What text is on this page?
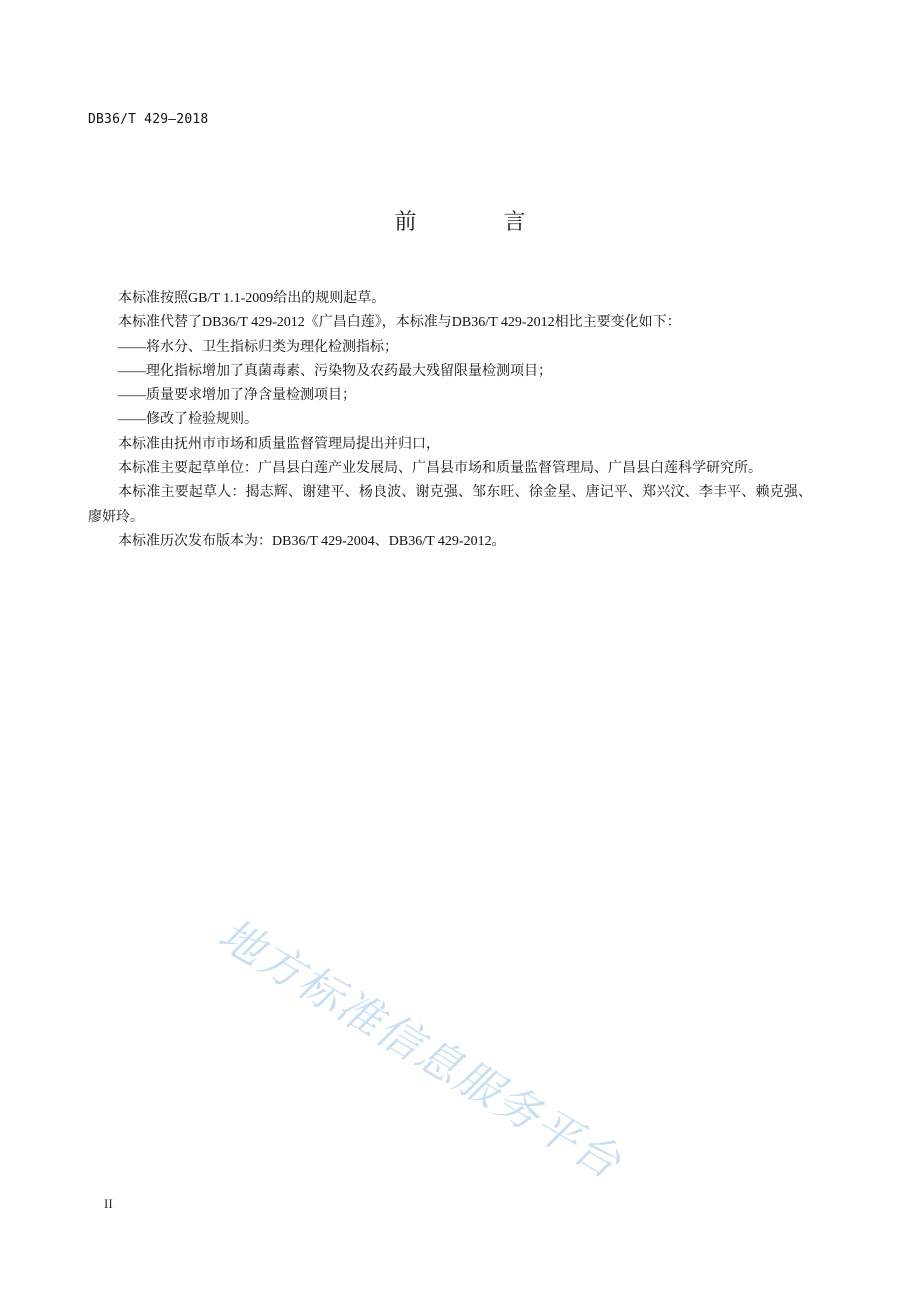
DB36/T 429—2018
前 言

本标准按照GB/T 1.1-2009给出的规则起草。

本标准代替了DB36/T 429-2012《广昌白莲》，本标准与DB36/T 429-2012相比主要变化如下：

——将水分、卫生指标归类为理化检测指标；

——理化指标增加了真菌毒素、污染物及农药最大残留限量检测项目；

——质量要求增加了净含量检测项目；

——修改了检验规则。

本标准由抚州市市场和质量监督管理局提出并归口，

本标准主要起草单位：广昌县白莲产业发展局、广昌县市场和质量监督管理局、广昌县白莲科学研究所。

本标准主要起草人：揭志辉、谢建平、杨良波、谢克强、邹东旺、徐金星、唐记平、郑兴汶、李丰平、赖克强、廖妍玲。

本标准历次发布版本为：DB36/T 429-2004、DB36/T 429-2012。

地方标准信息服务平台
II
